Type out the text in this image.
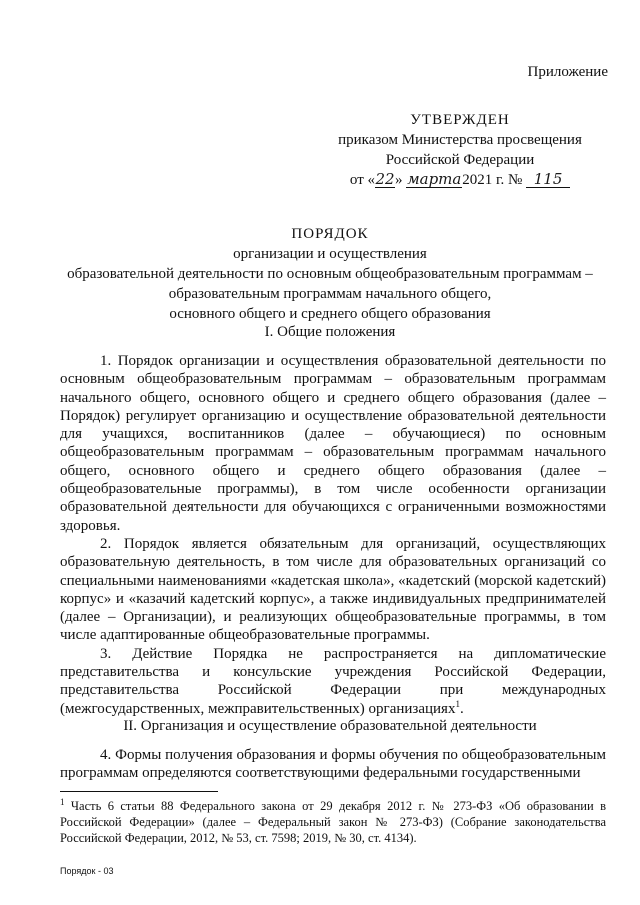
Приложение
УТВЕРЖДЕН
приказом Министерства просвещения
Российской Федерации
от «22» марта2021 г. № 115
ПОРЯДОК
организации и осуществления
образовательной деятельности по основным общеобразовательным программам –
образовательным программам начального общего,
основного общего и среднего общего образования
I. Общие положения

1. Порядок организации и осуществления образовательной деятельности по основным общеобразовательным программам – образовательным программам начального общего, основного общего и среднего общего образования (далее – Порядок) регулирует организацию и осуществление образовательной деятельности для учащихся, воспитанников (далее – обучающиеся) по основным общеобразовательным программам – образовательным программам начального общего, основного общего и среднего общего образования (далее – общеобразовательные программы), в том числе особенности организации образовательной деятельности для обучающихся с ограниченными возможностями здоровья.

2. Порядок является обязательным для организаций, осуществляющих образовательную деятельность, в том числе для образовательных организаций со специальными наименованиями «кадетская школа», «кадетский (морской кадетский) корпус» и «казачий кадетский корпус», а также индивидуальных предпринимателей (далее – Организации), и реализующих общеобразовательные программы, в том числе адаптированные общеобразовательные программы.

3. Действие Порядка не распространяется на дипломатические представительства и консульские учреждения Российской Федерации, представительства Российской Федерации при международных (межгосударственных, межправительственных) организациях$^1$.

II. Организация и осуществление образовательной деятельности

4. Формы получения образования и формы обучения по общеобразовательным программам определяются соответствующими федеральными государственными

$^1$ Часть 6 статьи 88 Федерального закона от 29 декабря 2012 г. № 273-ФЗ «Об образовании в Российской Федерации» (далее – Федеральный закон № 273-ФЗ) (Собрание законодательства Российской Федерации, 2012, № 53, ст. 7598; 2019, № 30, ст. 4134).
Порядок - 03
